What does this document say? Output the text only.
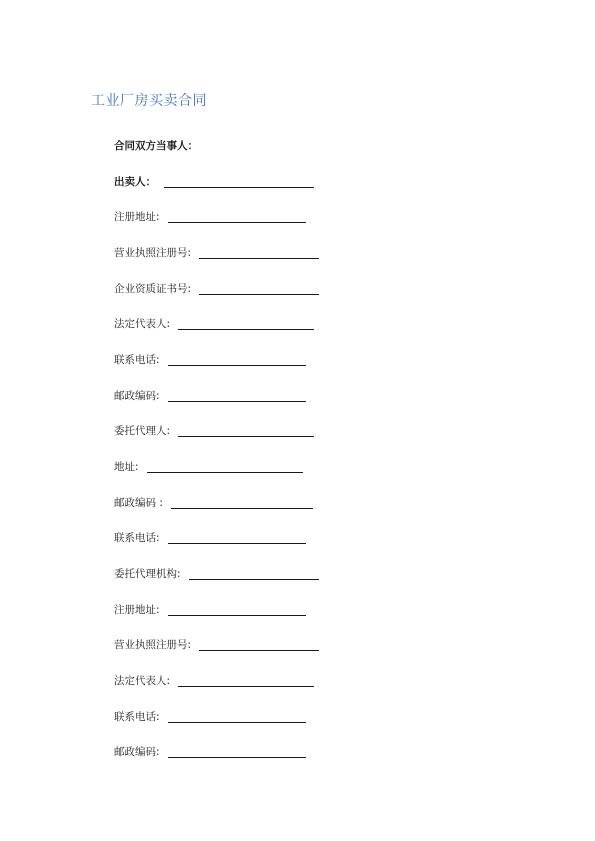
工业厂房买卖合同
合同双方当事人：
出卖人：
注册地址:
营业执照注册号:
企业资质证书号:
法定代表人:
联系电话:
邮政编码:
委托代理人:
地址:
邮政编码 :
联系电话:
委托代理机构:
注册地址:
营业执照注册号:
法定代表人:
联系电话:
邮政编码:
